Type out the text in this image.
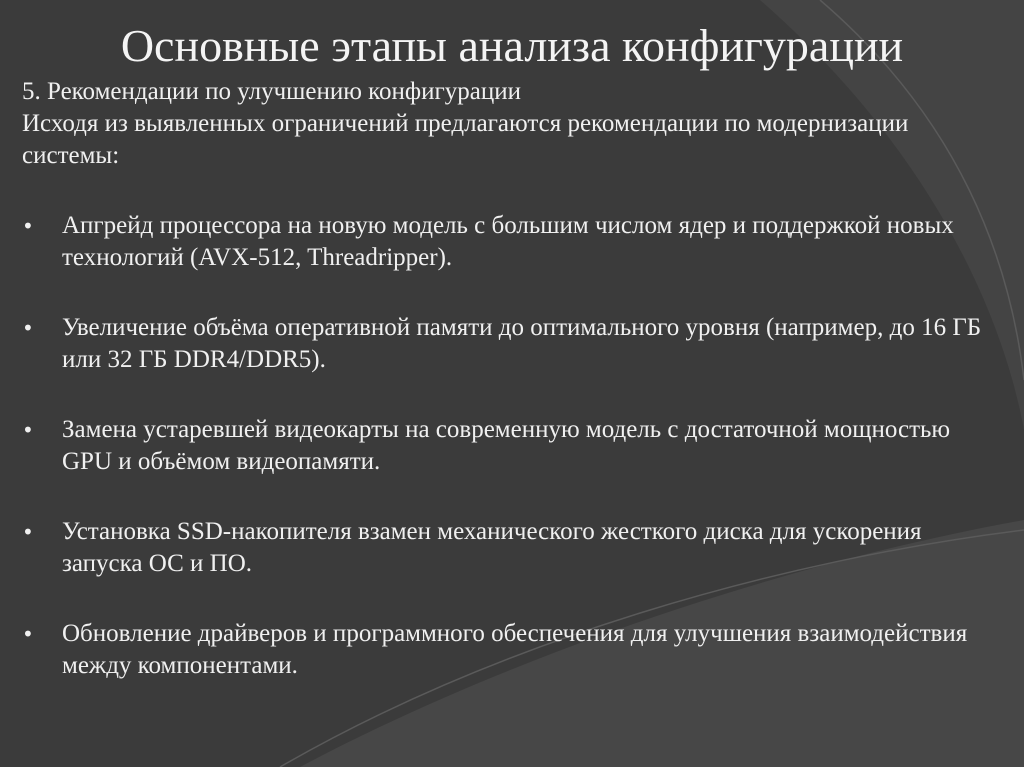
Основные этапы анализа конфигурации

5. Рекомендации по улучшению конфигурации

Исходя из выявленных ограничений предлагаются рекомендации по модернизации системы:

•	Апгрейд процессора на новую модель с большим числом ядер и поддержкой новых технологий (AVX-512, Threadripper).
•	Увеличение объёма оперативной памяти до оптимального уровня (например, до 16 ГБ или 32 ГБ DDR4/DDR5).
•	Замена устаревшей видеокарты на современную модель с достаточной мощностью GPU и объёмом видеопамяти.
•	Установка SSD-накопителя взамен механического жесткого диска для ускорения запуска ОС и ПО.
•	Обновление драйверов и программного обеспечения для улучшения взаимодействия между компонентами.
